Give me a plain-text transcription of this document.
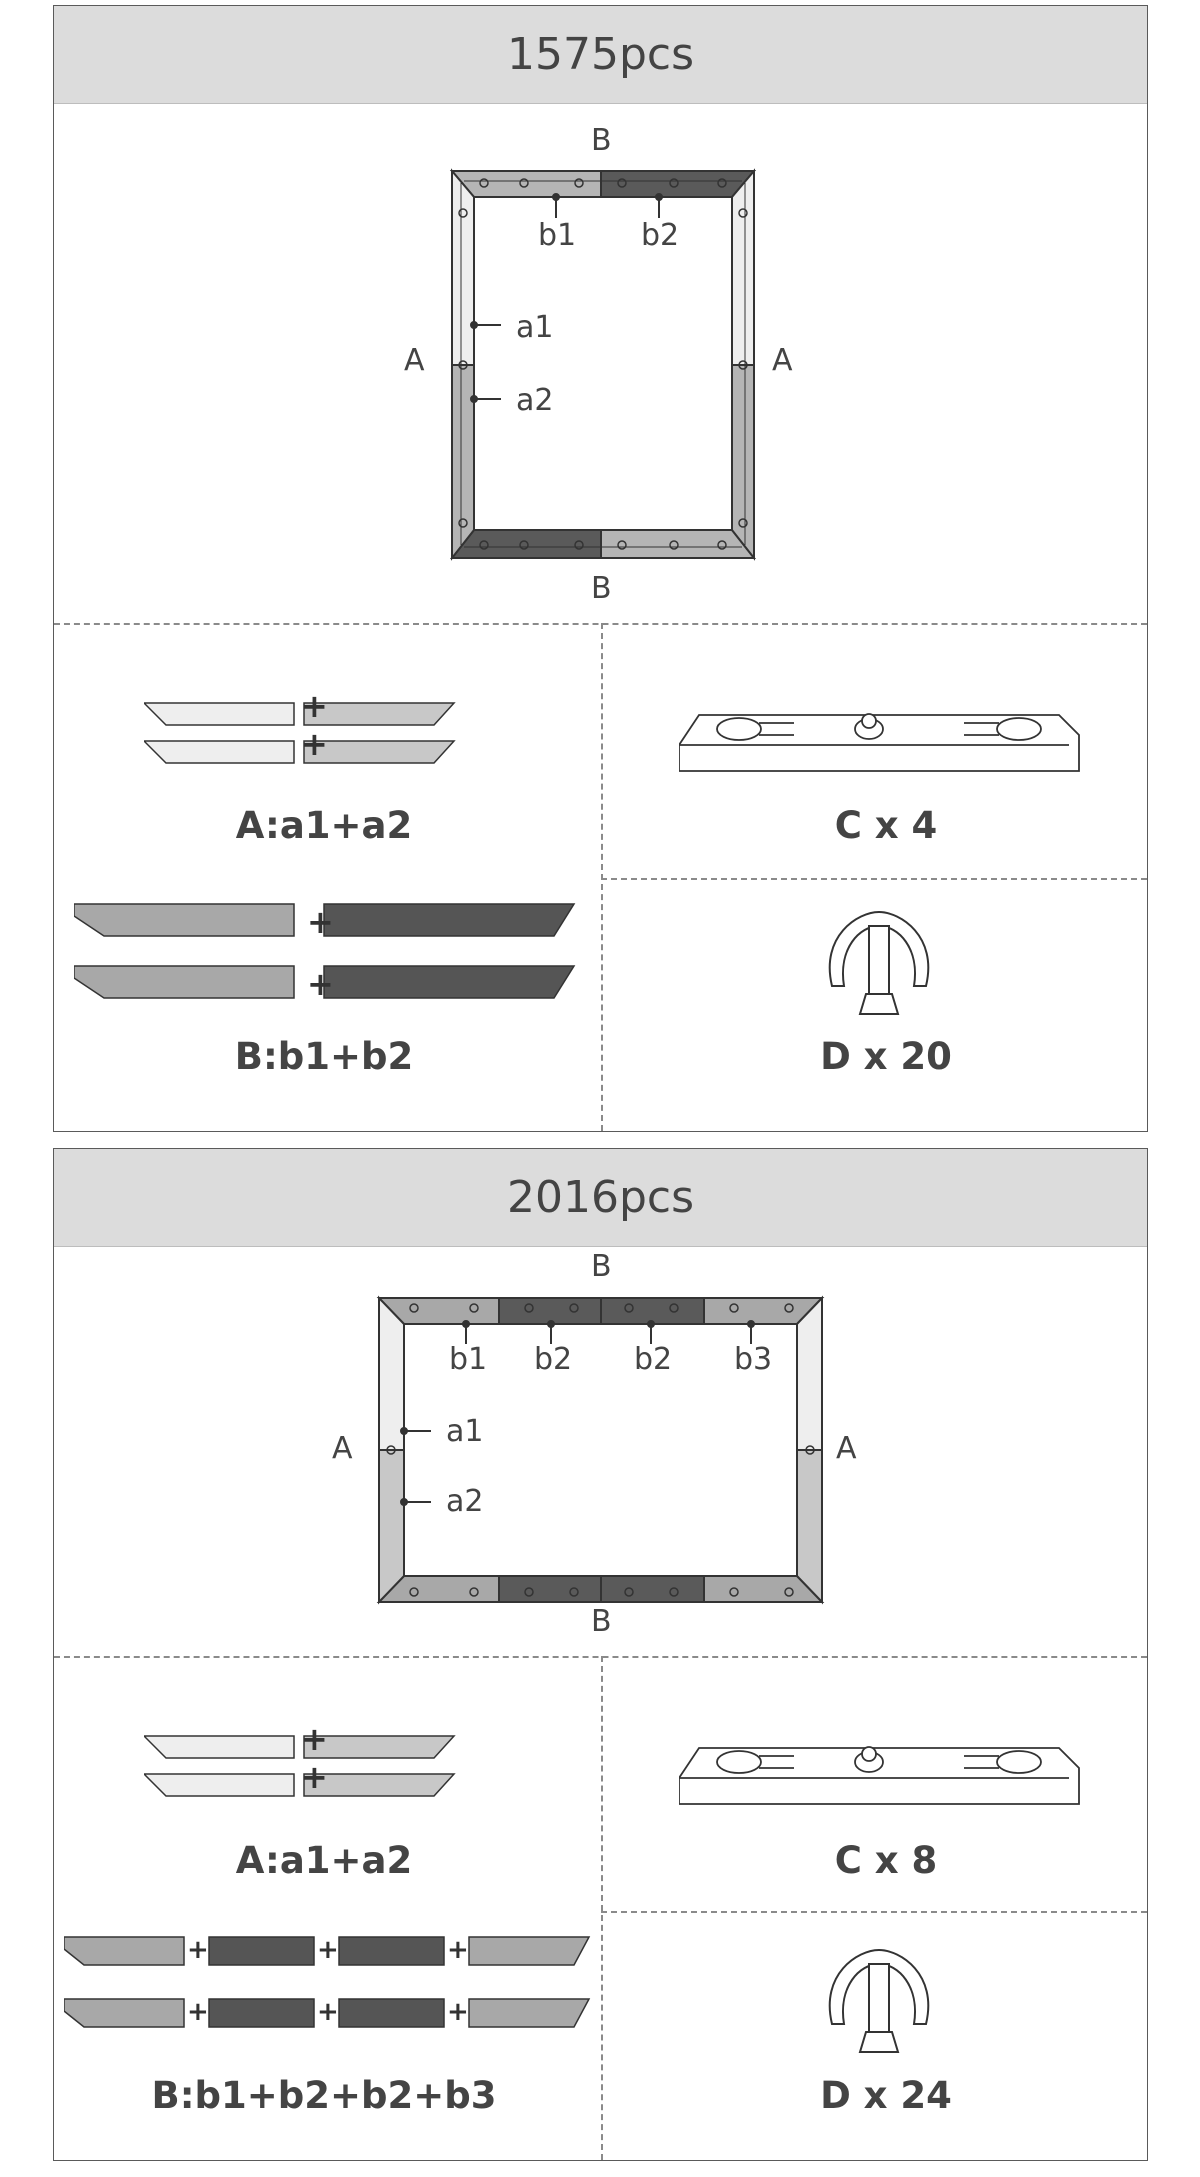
1575pcs
B
B
A	A
b1 b2
a1
a2
+
+
A:a1+a2	C x 4
+
+
B:b1+b2	D x 20
2016pcs
B
B
A	A
b1 b2 b2 b3
a1
a2
+
+
A:a1+a2	C x 8
+	+	+
+	+	+
B:b1+b2+b2+b3	D x 24
